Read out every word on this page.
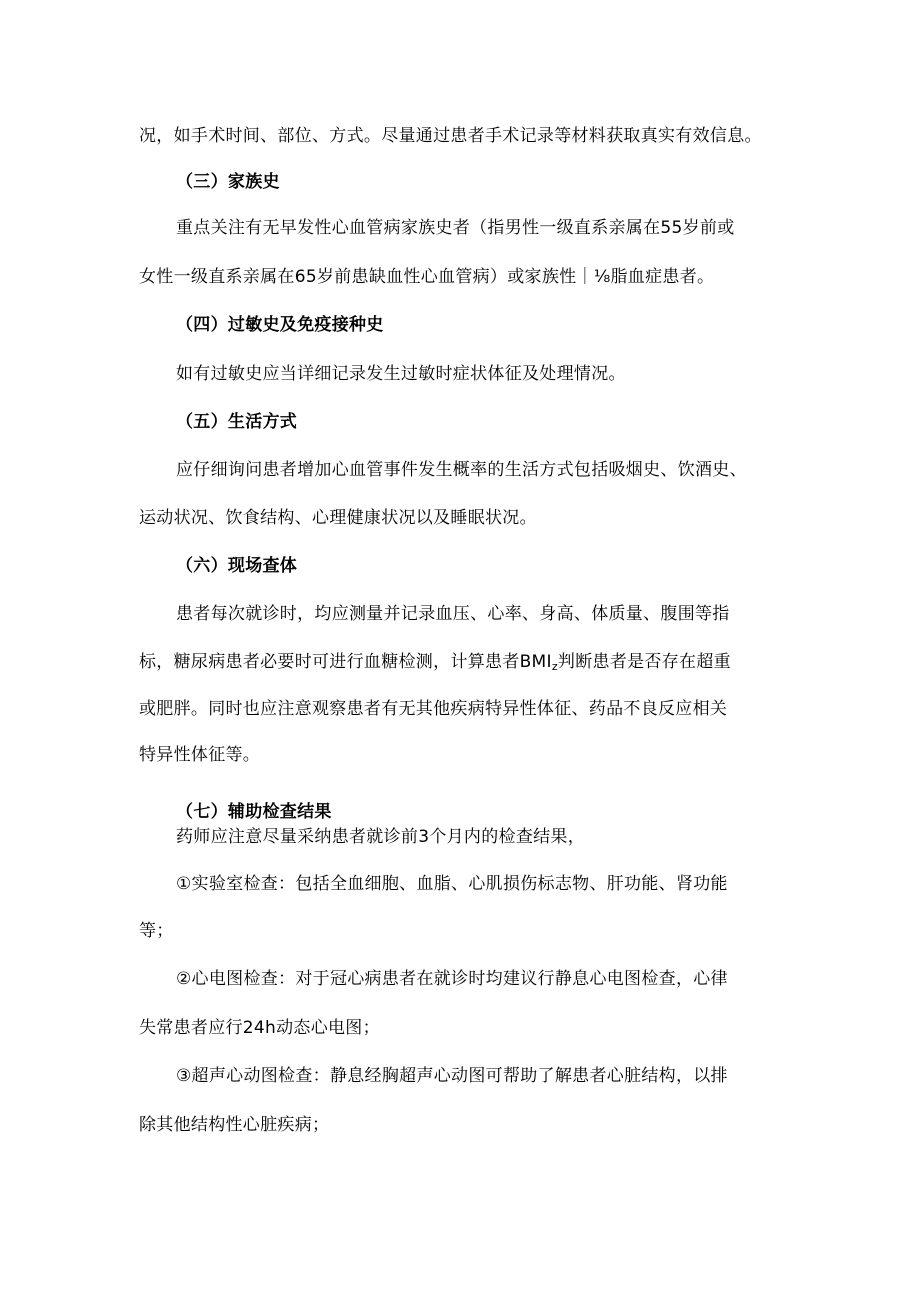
况，如手术时间、部位、方式。尽量通过患者手术记录等材料获取真实有效信息。
（三）家族史
重点关注有无早发性心血管病家族史者（指男性一级直系亲属在55岁前或
女性一级直系亲属在65岁前患缺血性心血管病）或家族性｜⅛脂血症患者。
（四）过敏史及免疫接种史
如有过敏史应当详细记录发生过敏时症状体征及处理情况。
（五）生活方式
应仔细询问患者增加心血管事件发生概率的生活方式包括吸烟史、饮酒史、
运动状况、饮食结构、心理健康状况以及睡眠状况。
（六）现场查体
患者每次就诊时，均应测量并记录血压、心率、身高、体质量、腹围等指
标，糖尿病患者必要时可进行血糖检测，计算患者$BMI_z$判断患者是否存在超重
或肥胖。同时也应注意观察患者有无其他疾病特异性体征、药品不良反应相关
特异性体征等。
（七）辅助检查结果
药师应注意尽量采纳患者就诊前3个月内的检查结果，
①实验室检查：包括全血细胞、血脂、心肌损伤标志物、肝功能、肾功能
等；
②心电图检查：对于冠心病患者在就诊时均建议行静息心电图检查，心律
失常患者应行24h动态心电图；
③超声心动图检查：静息经胸超声心动图可帮助了解患者心脏结构，以排
除其他结构性心脏疾病；
